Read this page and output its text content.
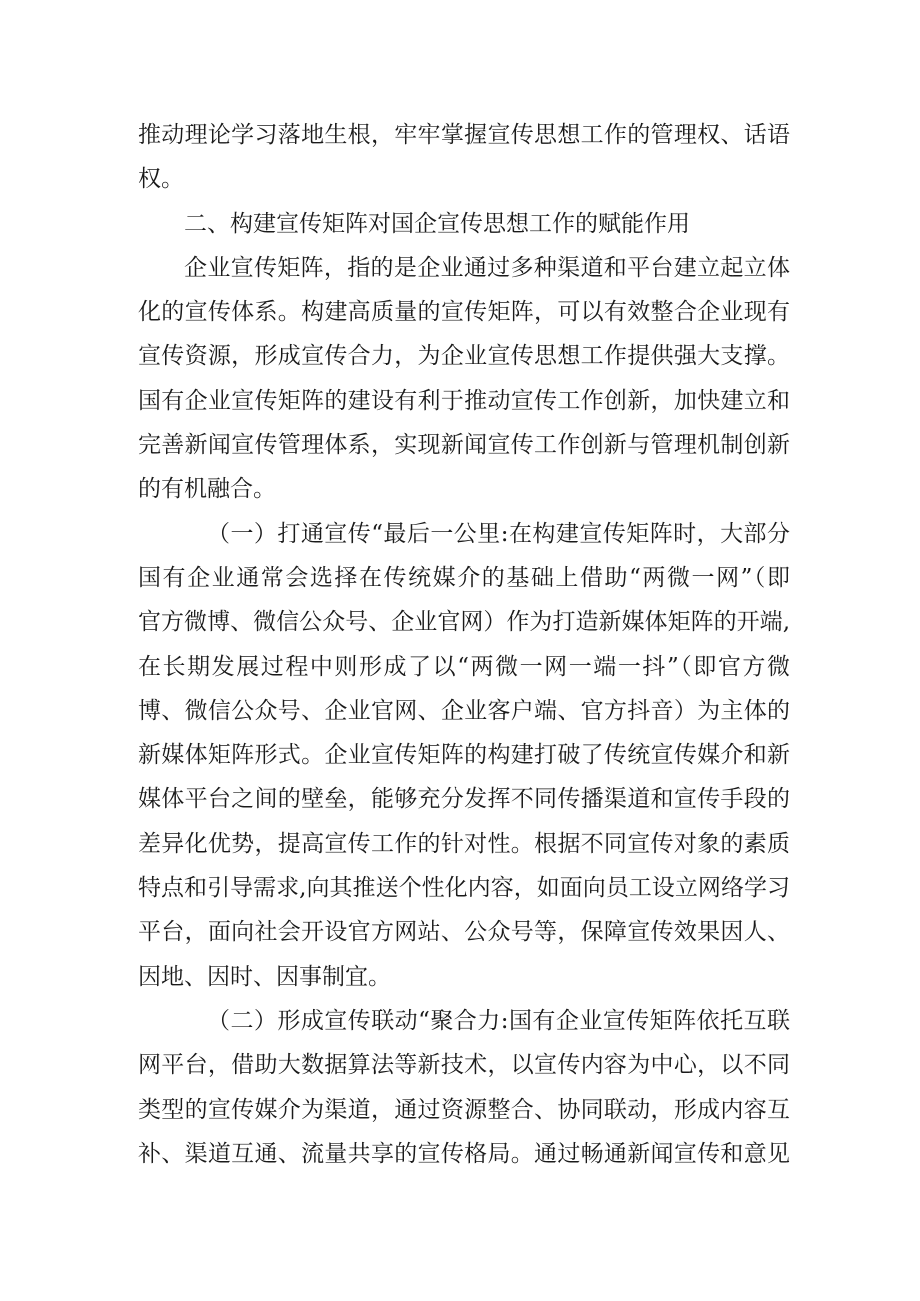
推动理论学习落地生根，牢牢掌握宣传思想工作的管理权、话语
权。
二、构建宣传矩阵对国企宣传思想工作的赋能作用
企业宣传矩阵，指的是企业通过多种渠道和平台建立起立体
化的宣传体系。构建高质量的宣传矩阵，可以有效整合企业现有
宣传资源，形成宣传合力，为企业宣传思想工作提供强大支撑。
国有企业宣传矩阵的建设有利于推动宣传工作创新，加快建立和
完善新闻宣传管理体系，实现新闻宣传工作创新与管理机制创新
的有机融合。
（一）打通宣传“最后一公里:在构建宣传矩阵时，大部分
国有企业通常会选择在传统媒介的基础上借助“两微一网”（即
官方微博、微信公众号、企业官网）作为打造新媒体矩阵的开端,
在长期发展过程中则形成了以“两微一网一端一抖”（即官方微
博、微信公众号、企业官网、企业客户端、官方抖音）为主体的
新媒体矩阵形式。企业宣传矩阵的构建打破了传统宣传媒介和新
媒体平台之间的壁垒，能够充分发挥不同传播渠道和宣传手段的
差异化优势，提高宣传工作的针对性。根据不同宣传对象的素质
特点和引导需求,向其推送个性化内容，如面向员工设立网络学习
平台，面向社会开设官方网站、公众号等，保障宣传效果因人、
因地、因时、因事制宜。
（二）形成宣传联动“聚合力:国有企业宣传矩阵依托互联
网平台，借助大数据算法等新技术，以宣传内容为中心，以不同
类型的宣传媒介为渠道，通过资源整合、协同联动，形成内容互
补、渠道互通、流量共享的宣传格局。通过畅通新闻宣传和意见
